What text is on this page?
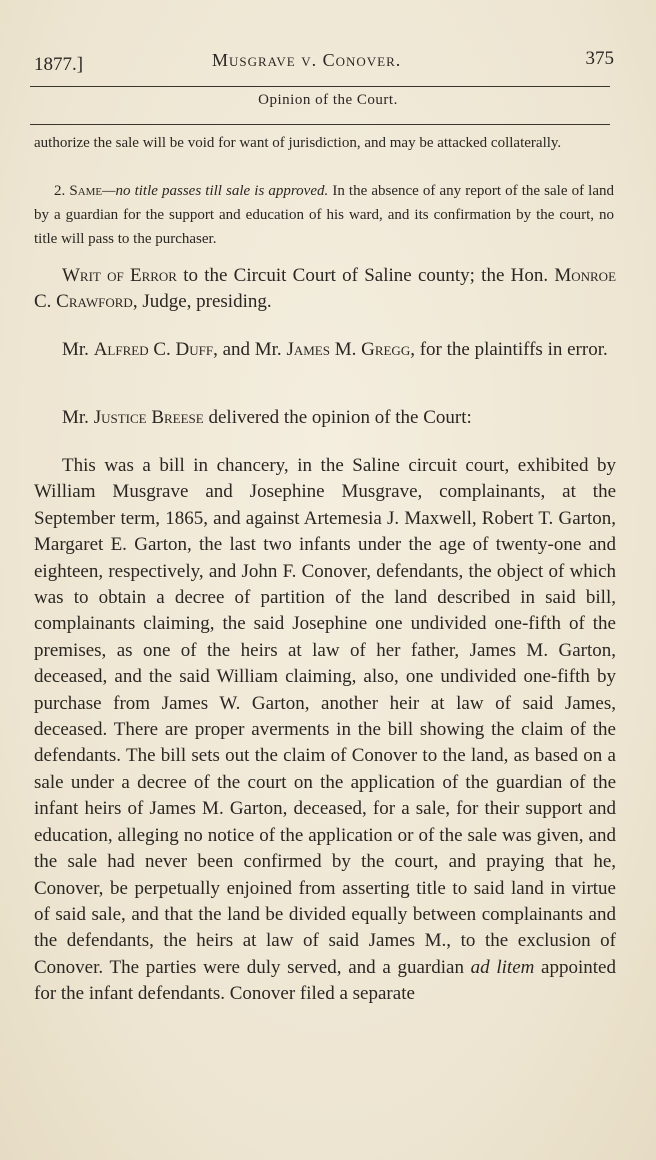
1877.]	Musgrave v. Conover.	375
Opinion of the Court.

authorize the sale will be void for want of jurisdiction, and may be attacked collaterally.

2. Same—no title passes till sale is approved. In the absence of any report of the sale of land by a guardian for the support and education of his ward, and its confirmation by the court, no title will pass to the purchaser.

Writ of Error to the Circuit Court of Saline county; the Hon. Monroe C. Crawford, Judge, presiding.

Mr. Alfred C. Duff, and Mr. James M. Gregg, for the plaintiffs in error.

Mr. Justice Breese delivered the opinion of the Court:

This was a bill in chancery, in the Saline circuit court, exhibited by William Musgrave and Josephine Musgrave, complainants, at the September term, 1865, and against Artemesia J. Maxwell, Robert T. Garton, Margaret E. Garton, the last two infants under the age of twenty-one and eighteen, respectively, and John F. Conover, defendants, the object of which was to obtain a decree of partition of the land described in said bill, complainants claiming, the said Josephine one undivided one-fifth of the premises, as one of the heirs at law of her father, James M. Garton, deceased, and the said William claiming, also, one undivided one-fifth by purchase from James W. Garton, another heir at law of said James, deceased. There are proper averments in the bill showing the claim of the defendants. The bill sets out the claim of Conover to the land, as based on a sale under a decree of the court on the application of the guardian of the infant heirs of James M. Garton, deceased, for a sale, for their support and education, alleging no notice of the application or of the sale was given, and the sale had never been confirmed by the court, and praying that he, Conover, be perpetually enjoined from asserting title to said land in virtue of said sale, and that the land be divided equally between complainants and the defendants, the heirs at law of said James M., to the exclusion of Conover. The parties were duly served, and a guardian ad litem appointed for the infant defendants. Conover filed a separate
